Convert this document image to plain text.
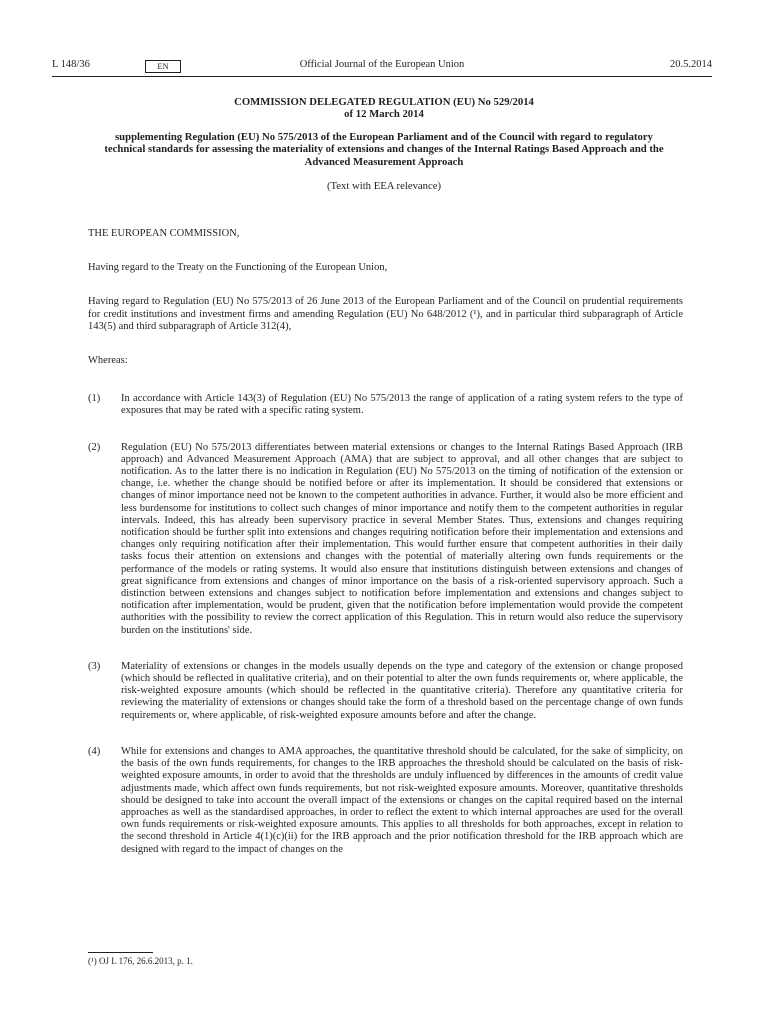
L 148/36	EN	Official Journal of the European Union	20.5.2014

COMMISSION DELEGATED REGULATION (EU) No 529/2014

of 12 March 2014

supplementing Regulation (EU) No 575/2013 of the European Parliament and of the Council with regard to regulatory technical standards for assessing the materiality of extensions and changes of the Internal Ratings Based Approach and the Advanced Measurement Approach

(Text with EEA relevance)

THE EUROPEAN COMMISSION,

Having regard to the Treaty on the Functioning of the European Union,

Having regard to Regulation (EU) No 575/2013 of 26 June 2013 of the European Parliament and of the Council on prudential requirements for credit institutions and investment firms and amending Regulation (EU) No 648/2012 (¹), and in particular third subparagraph of Article 143(5) and third subparagraph of Article 312(4),

Whereas:

(1) In accordance with Article 143(3) of Regulation (EU) No 575/2013 the range of application of a rating system refers to the type of exposures that may be rated with a specific rating system.

(2) Regulation (EU) No 575/2013 differentiates between material extensions or changes to the Internal Ratings Based Approach (IRB approach) and Advanced Measurement Approach (AMA) that are subject to approval, and all other changes that are subject to notification. As to the latter there is no indication in Regulation (EU) No 575/2013 on the timing of notification of the extension or change, i.e. whether the change should be notified before or after its implementation. It should be considered that extensions or changes of minor importance need not be known to the competent authorities in advance. Further, it would also be more efficient and less burdensome for institutions to collect such changes of minor importance and notify them to the competent authorities in regular intervals. Indeed, this has already been supervisory practice in several Member States. Thus, extensions and changes requiring notification should be further split into extensions and changes requiring notification before their implementation and extensions and changes only requiring notification after their implementation. This would further ensure that competent authorities in their daily tasks focus their attention on extensions and changes with the potential of materially altering own funds requirements or the performance of the models or rating systems. It would also ensure that institutions distinguish between extensions and changes of great significance from extensions and changes of minor importance on the basis of a risk-oriented supervisory approach. Such a distinction between extensions and changes subject to notification before implementation and extensions and changes subject to notification after implementation, would be prudent, given that the notification before implementation would provide the competent authorities with the possibility to review the correct application of this Regulation. This in return would also reduce the supervisory burden on the institutions' side.

(3) Materiality of extensions or changes in the models usually depends on the type and category of the extension or change proposed (which should be reflected in qualitative criteria), and on their potential to alter the own funds requirements or, where applicable, the risk-weighted exposure amounts (which should be reflected in the quantitative criteria). Therefore any quantitative criteria for reviewing the materiality of extensions or changes should take the form of a threshold based on the percentage change of own funds requirements or, where applicable, of risk-weighted exposure amounts before and after the change.

(4) While for extensions and changes to AMA approaches, the quantitative threshold should be calculated, for the sake of simplicity, on the basis of the own funds requirements, for changes to the IRB approaches the threshold should be calculated on the basis of risk-weighted exposure amounts, in order to avoid that the thresholds are unduly influenced by differences in the amounts of credit value adjustments made, which affect own funds requirements, but not risk-weighted exposure amounts. Moreover, quantitative thresholds should be designed to take into account the overall impact of the extensions or changes on the capital required based on the internal approaches as well as the standardised approaches, in order to reflect the extent to which internal approaches are used for the overall own funds requirements or risk-weighted exposure amounts. This applies to all thresholds for both approaches, except in relation to the second threshold in Article 4(1)(c)(ii) for the IRB approach and the prior notification threshold for the IRB approach which are designed with regard to the impact of changes on the

(¹) OJ L 176, 26.6.2013, p. 1.
